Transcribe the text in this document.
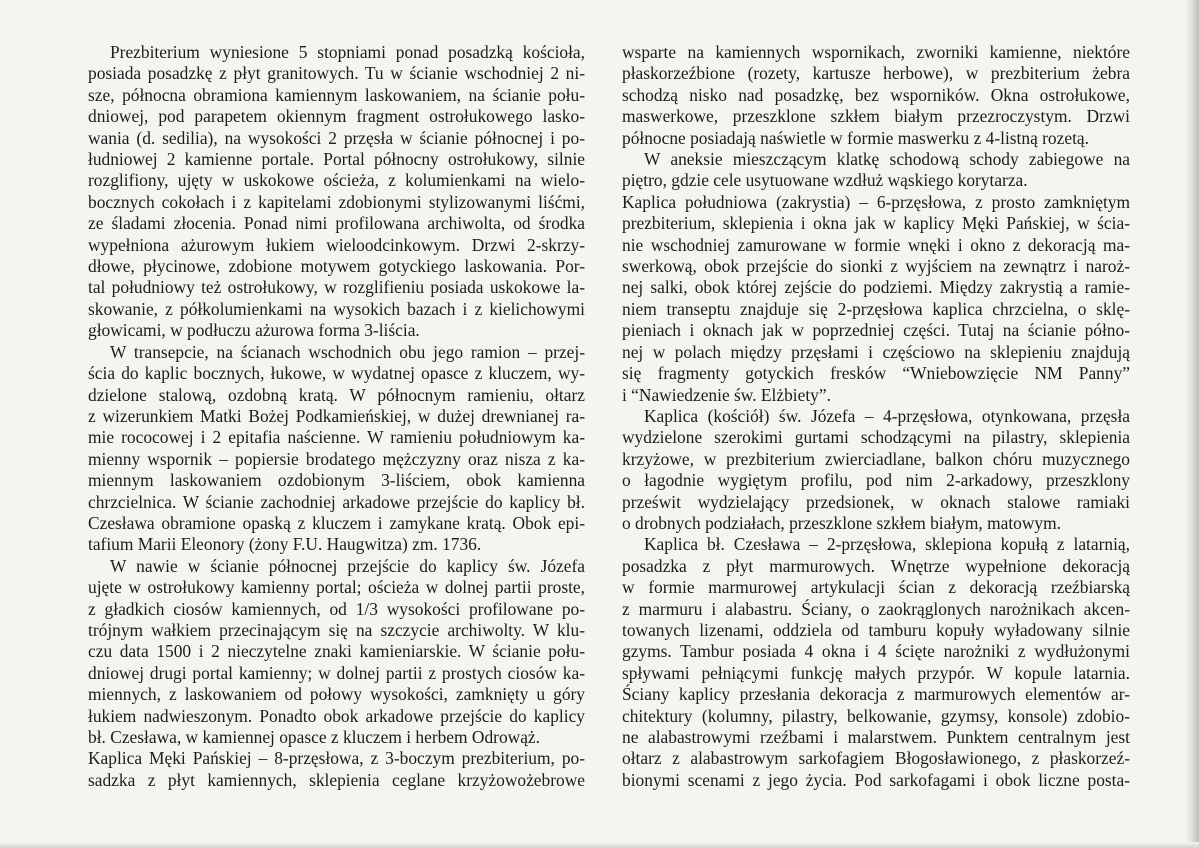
Prezbiterium wyniesione 5 stopniami ponad posadzką kościoła,
posiada posadzkę z płyt granitowych. Tu w ścianie wschodniej 2 ni-
sze, północna obramiona kamiennym laskowaniem, na ścianie połu-
dniowej, pod parapetem okiennym fragment ostrołukowego lasko-
wania (d. sedilia), na wysokości 2 przęsła w ścianie północnej i po-
łudniowej 2 kamienne portale. Portal północny ostrołukowy, silnie
rozglifiony, ujęty w uskokowe ościeża, z kolumienkami na wielo-
bocznych cokołach i z kapitelami zdobionymi stylizowanymi liśćmi,
ze śladami złocenia. Ponad nimi profilowana archiwolta, od środka
wypełniona ażurowym łukiem wieloodcinkowym. Drzwi 2-skrzy-
dłowe, płycinowe, zdobione motywem gotyckiego laskowania. Por-
tal południowy też ostrołukowy, w rozglifieniu posiada uskokowe la-
skowanie, z półkolumienkami na wysokich bazach i z kielichowymi
głowicami, w podłuczu ażurowa forma 3-liścia.
W transepcie, na ścianach wschodnich obu jego ramion – przej-
ścia do kaplic bocznych, łukowe, w wydatnej opasce z kluczem, wy-
dzielone stalową, ozdobną kratą. W północnym ramieniu, ołtarz
z wizerunkiem Matki Bożej Podkamieńskiej, w dużej drewnianej ra-
mie rococowej i 2 epitafia naścienne. W ramieniu południowym ka-
mienny wspornik – popiersie brodatego mężczyzny oraz nisza z ka-
miennym laskowaniem ozdobionym 3-liściem, obok kamienna
chrzcielnica. W ścianie zachodniej arkadowe przejście do kaplicy bł.
Czesława obramione opaską z kluczem i zamykane kratą. Obok epi-
tafium Marii Eleonory (żony F.U. Haugwitza) zm. 1736.
W nawie w ścianie północnej przejście do kaplicy św. Józefa
ujęte w ostrołukowy kamienny portal; ościeża w dolnej partii proste,
z gładkich ciosów kamiennych, od 1/3 wysokości profilowane po-
trójnym wałkiem przecinającym się na szczycie archiwolty. W klu-
czu data 1500 i 2 nieczytelne znaki kamieniarskie. W ścianie połu-
dniowej drugi portal kamienny; w dolnej partii z prostych ciosów ka-
miennych, z laskowaniem od połowy wysokości, zamknięty u góry
łukiem nadwieszonym. Ponadto obok arkadowe przejście do kaplicy
bł. Czesława, w kamiennej opasce z kluczem i herbem Odrowąż.
Kaplica Męki Pańskiej – 8-przęsłowa, z 3-boczym prezbiterium, po-
sadzka z płyt kamiennych, sklepienia ceglane krzyżowożebrowe
wsparte na kamiennych wspornikach, zworniki kamienne, niektóre
płaskorzeźbione (rozety, kartusze herbowe), w prezbiterium żebra
schodzą nisko nad posadzkę, bez wsporników. Okna ostrołukowe,
maswerkowe, przeszklone szkłem białym przezroczystym. Drzwi
północne posiadają naświetle w formie maswerku z 4-listną rozetą.
W aneksie mieszczącym klatkę schodową schody zabiegowe na
piętro, gdzie cele usytuowane wzdłuż wąskiego korytarza.
Kaplica południowa (zakrystia) – 6-przęsłowa, z prosto zamkniętym
prezbiterium, sklepienia i okna jak w kaplicy Męki Pańskiej, w ścia-
nie wschodniej zamurowane w formie wnęki i okno z dekoracją ma-
swerkową, obok przejście do sionki z wyjściem na zewnątrz i naroż-
nej salki, obok której zejście do podziemi. Między zakrystią a ramie-
niem transeptu znajduje się 2-przęsłowa kaplica chrzcielna, o sklę-
pieniach i oknach jak w poprzedniej części. Tutaj na ścianie półno-
nej w polach między przęsłami i częściowo na sklepieniu znajdują
się fragmenty gotyckich fresków “Wniebowzięcie NM Panny”
i “Nawiedzenie św. Elżbiety”.
Kaplica (kościół) św. Józefa – 4-przęsłowa, otynkowana, przęsła
wydzielone szerokimi gurtami schodzącymi na pilastry, sklepienia
krzyżowe, w prezbiterium zwierciadlane, balkon chóru muzycznego
o łagodnie wygiętym profilu, pod nim 2-arkadowy, przeszklony
prześwit wydzielający przedsionek, w oknach stalowe ramiaki
o drobnych podziałach, przeszklone szkłem białym, matowym.
Kaplica bł. Czesława – 2-przęsłowa, sklepiona kopułą z latarnią,
posadzka z płyt marmurowych. Wnętrze wypełnione dekoracją
w formie marmurowej artykulacji ścian z dekoracją rzeźbiarską
z marmuru i alabastru. Ściany, o zaokrąglonych narożnikach akcen-
towanych lizenami, oddziela od tamburu kopuły wyładowany silnie
gzyms. Tambur posiada 4 okna i 4 ścięte narożniki z wydłużonymi
spływami pełniącymi funkcję małych przypór. W kopule latarnia.
Ściany kaplicy przesłania dekoracja z marmurowych elementów ar-
chitektury (kolumny, pilastry, belkowanie, gzymsy, konsole) zdobio-
ne alabastrowymi rzeźbami i malarstwem. Punktem centralnym jest
ołtarz z alabastrowym sarkofagiem Błogosławionego, z płaskorzeź-
bionymi scenami z jego życia. Pod sarkofagami i obok liczne posta-
